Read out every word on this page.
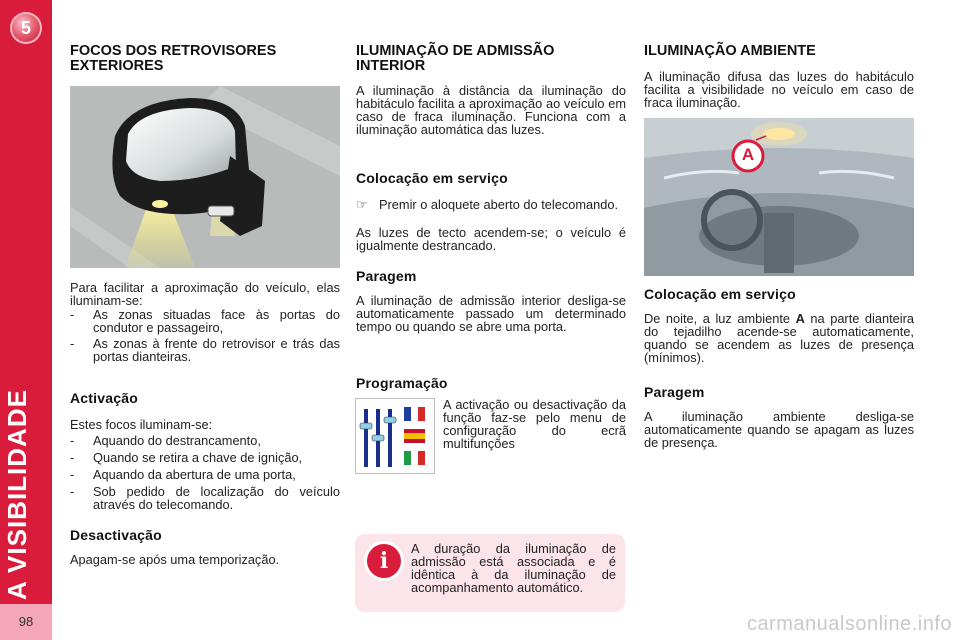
5
A VISIBILIDADE
98
FOCOS DOS RETROVISORES EXTERIORES
Para facilitar a aproximação do veículo, elas iluminam-se:
-	As zonas situadas face às portas do condutor e passageiro,
-	As zonas à frente do retrovisor e trás das portas dianteiras.
Activação
Estes focos iluminam-se:
-	Aquando do destrancamento,
-	Quando se retira a chave de ignição,
-	Aquando da abertura de uma porta,
-	Sob pedido de localização do veículo através do telecomando.
Desactivação
Apagam-se após uma temporização.
ILUMINAÇÃO DE ADMISSÃO INTERIOR
A iluminação à distância da iluminação do habitáculo facilita a aproximação ao veículo em caso de fraca iluminação. Funciona com a iluminação automática das luzes.
Colocação em serviço
☞ Premir o aloquete aberto do telecomando.
As luzes de tecto acendem-se; o veículo é igualmente destrancado.
Paragem
A iluminação de admissão interior desliga-se automaticamente passado um determinado tempo ou quando se abre uma porta.
Programação
A activação ou desactivação da função faz-se pelo menu de configuração do ecrã multifunções
i	A duração da iluminação de admissão está associada e é idêntica à da iluminação de acompanhamento automático.
ILUMINAÇÃO AMBIENTE
A iluminação difusa das luzes do habitáculo facilita a visibilidade no veículo em caso de fraca iluminação.
A
Colocação em serviço
De noite, a luz ambiente A na parte dianteira do tejadilho acende-se automaticamente, quando se acendem as luzes de presença (mínimos).
Paragem
A iluminação ambiente desliga-se automaticamente quando se apagam as luzes de presença.
carmanualsonline.info
